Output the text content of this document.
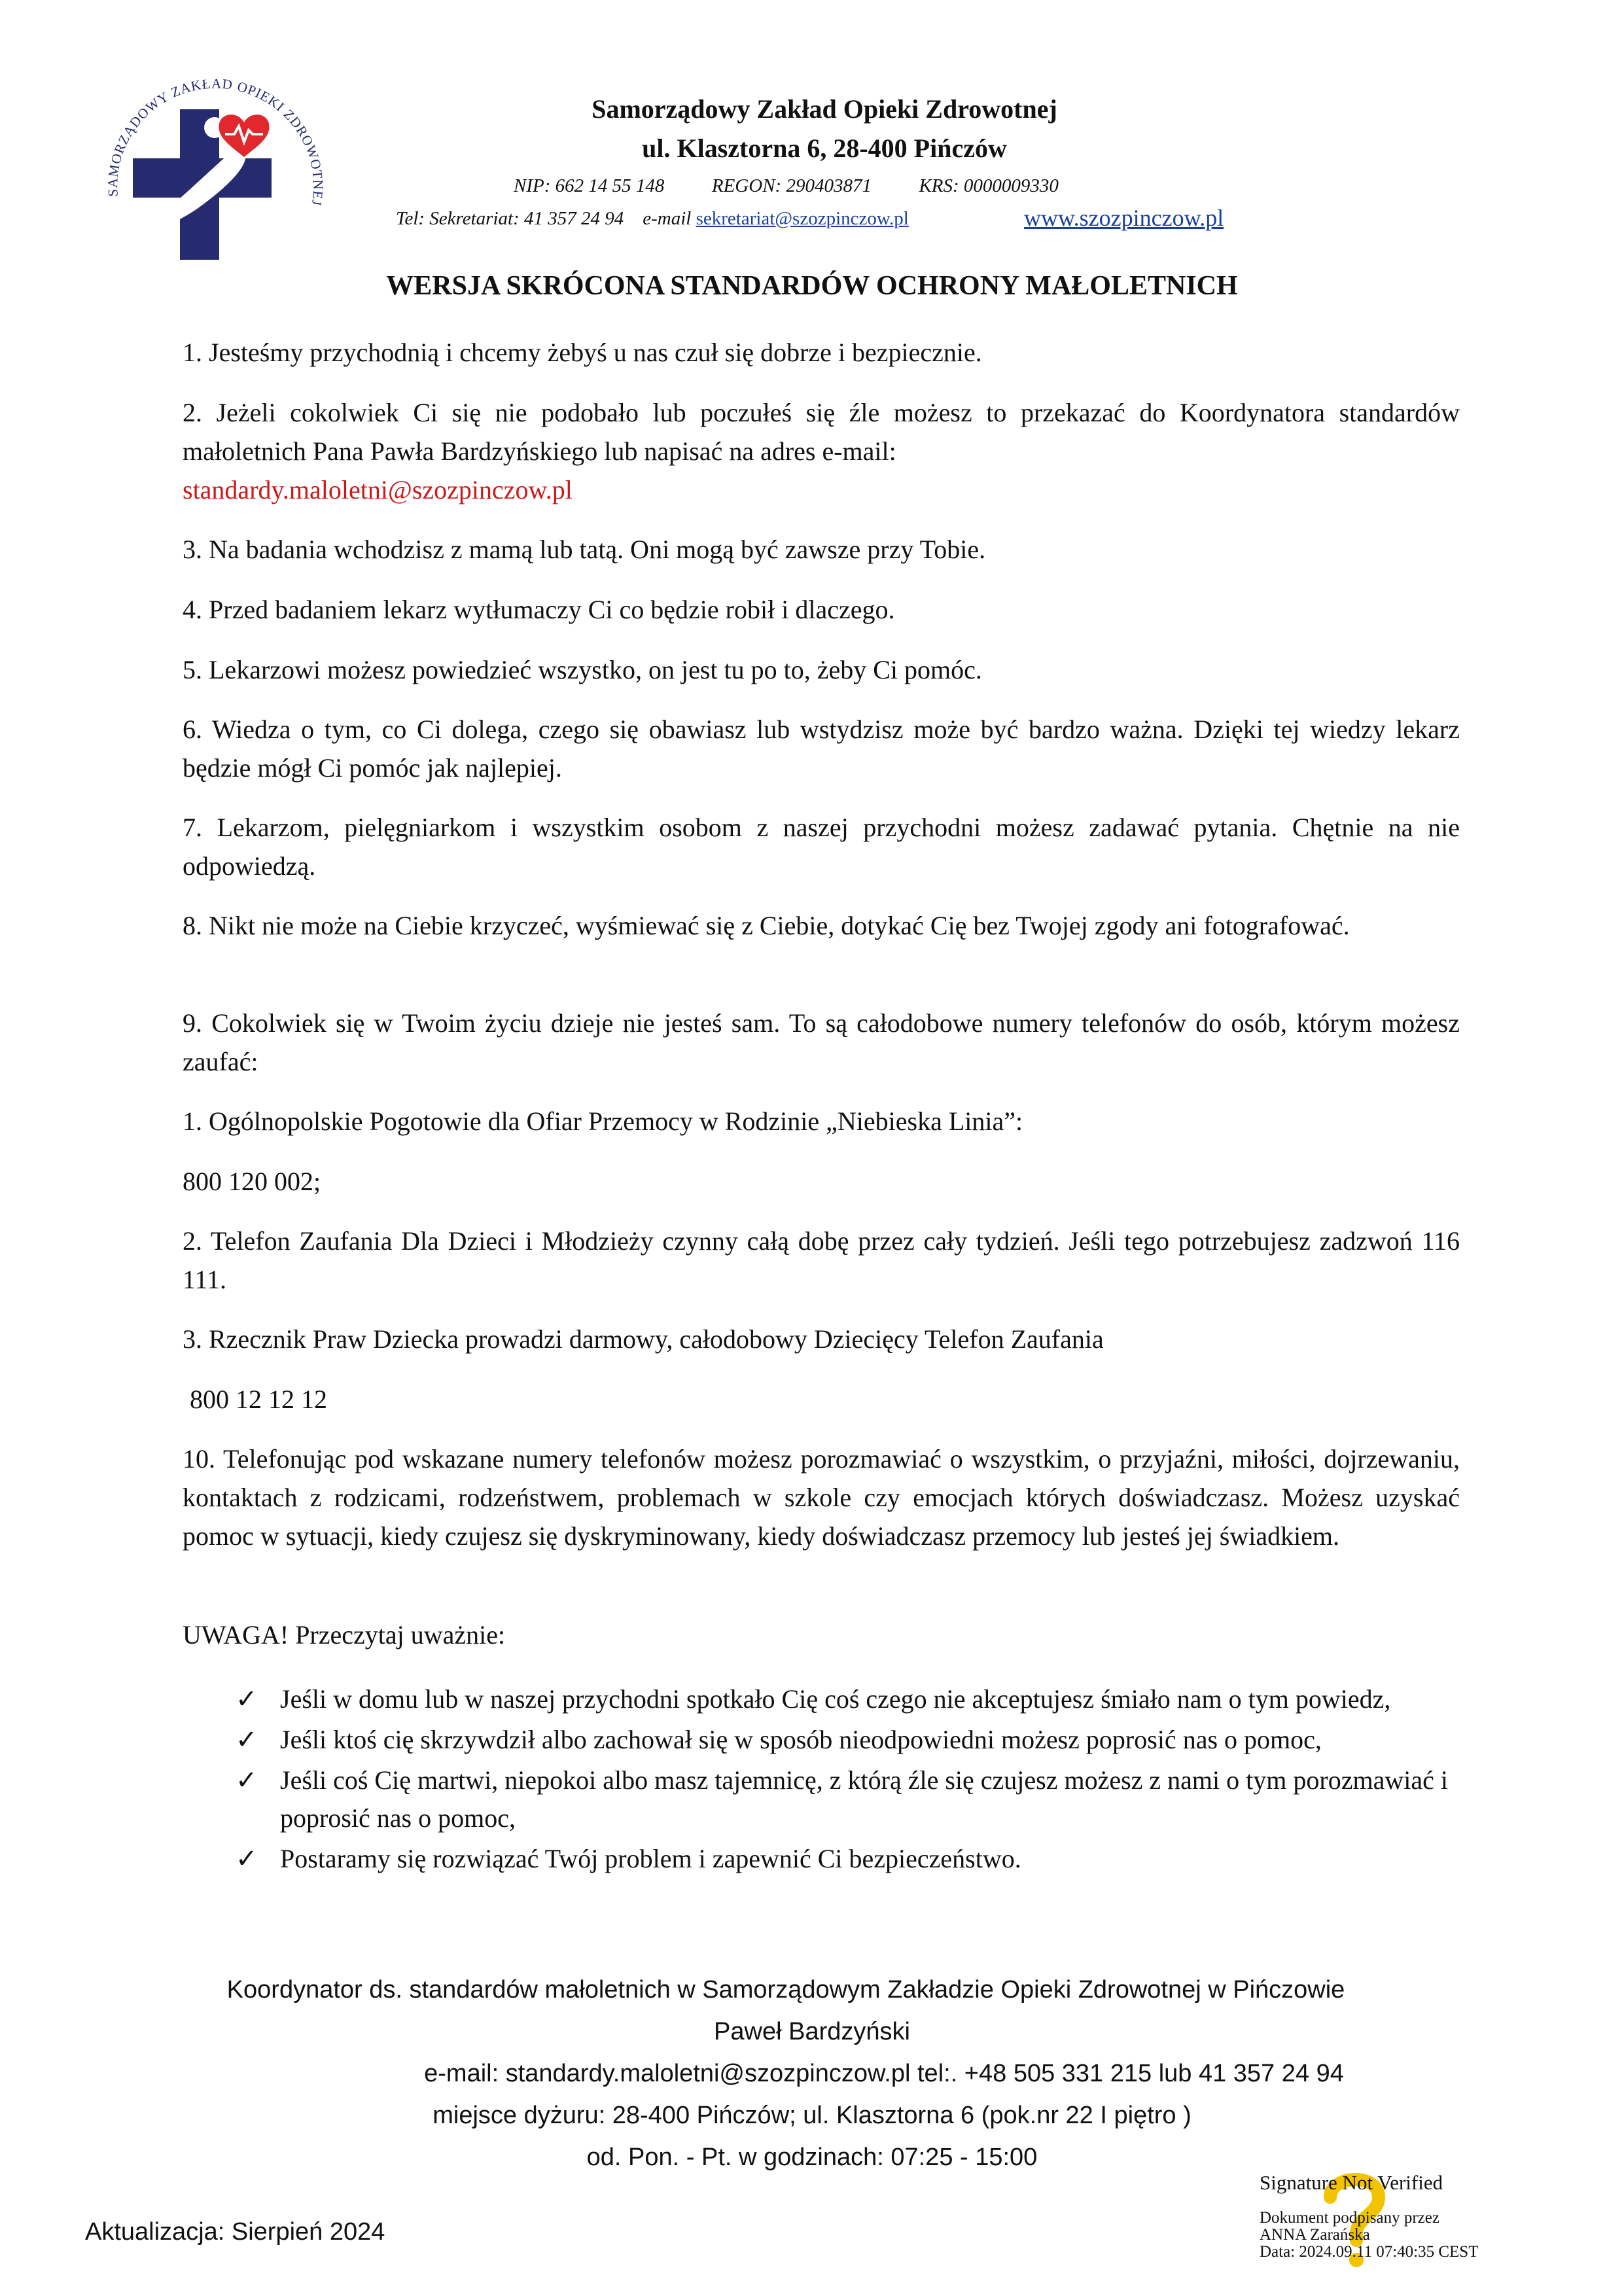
SAMORZĄDOWY ZAKŁAD OPIEKI ZDROWOTNEJ
Samorządowy Zakład Opieki Zdrowotnej
ul. Klasztorna 6, 28-400 Pińczów
NIP: 662 14 55 148	REGON: 290403871	KRS: 0000009330
Tel: Sekretariat: 41 357 24 94 e-mail sekretariat@szozpinczow.pl	www.szozpinczow.pl
WERSJA SKRÓCONA STANDARDÓW OCHRONY MAŁOLETNICH

1. Jesteśmy przychodnią i chcemy żebyś u nas czuł się dobrze i bezpiecznie.

2. Jeżeli cokolwiek Ci się nie podobało lub poczułeś się źle możesz to przekazać do Koordynatora standardów małoletnich Pana Pawła Bardzyńskiego lub napisać na adres e-mail:
standardy.maloletni@szozpinczow.pl

3. Na badania wchodzisz z mamą lub tatą. Oni mogą być zawsze przy Tobie.

4. Przed badaniem lekarz wytłumaczy Ci co będzie robił i dlaczego.

5. Lekarzowi możesz powiedzieć wszystko, on jest tu po to, żeby Ci pomóc.

6. Wiedza o tym, co Ci dolega, czego się obawiasz lub wstydzisz może być bardzo ważna. Dzięki tej wiedzy lekarz będzie mógł Ci pomóc jak najlepiej.

7. Lekarzom, pielęgniarkom i wszystkim osobom z naszej przychodni możesz zadawać pytania. Chętnie na nie odpowiedzą.

8. Nikt nie może na Ciebie krzyczeć, wyśmiewać się z Ciebie, dotykać Cię bez Twojej zgody ani fotografować.

9. Cokolwiek się w Twoim życiu dzieje nie jesteś sam. To są całodobowe numery telefonów do osób, którym możesz zaufać:

1. Ogólnopolskie Pogotowie dla Ofiar Przemocy w Rodzinie „Niebieska Linia”:

800 120 002;

2. Telefon Zaufania Dla Dzieci i Młodzieży czynny całą dobę przez cały tydzień. Jeśli tego potrzebujesz zadzwoń 116 111.

3. Rzecznik Praw Dziecka prowadzi darmowy, całodobowy Dziecięcy Telefon Zaufania

800 12 12 12

10. Telefonując pod wskazane numery telefonów możesz porozmawiać o wszystkim, o przyjaźni, miłości, dojrzewaniu, kontaktach z rodzicami, rodzeństwem, problemach w szkole czy emocjach których doświadczasz. Możesz uzyskać pomoc w sytuacji, kiedy czujesz się dyskryminowany, kiedy doświadczasz przemocy lub jesteś jej świadkiem.

UWAGA! Przeczytaj uważnie:

✓ Jeśli w domu lub w naszej przychodni spotkało Cię coś czego nie akceptujesz śmiało nam o tym powiedz,
✓ Jeśli ktoś cię skrzywdził albo zachował się w sposób nieodpowiedni możesz poprosić nas o pomoc,
✓ Jeśli coś Cię martwi, niepokoi albo masz tajemnicę, z którą źle się czujesz możesz z nami o tym porozmawiać i poprosić nas o pomoc,
✓ Postaramy się rozwiązać Twój problem i zapewnić Ci bezpieczeństwo.
Koordynator ds. standardów małoletnich w Samorządowym Zakładzie Opieki Zdrowotnej w Pińczowie
Paweł Bardzyński
e-mail: standardy.maloletni@szozpinczow.pl tel:. +48 505 331 215 lub 41 357 24 94
miejsce dyżuru: 28-400 Pińczów; ul. Klasztorna 6 (pok.nr 22 I piętro )
od. Pon. - Pt. w godzinach: 07:25 - 15:00
Aktualizacja: Sierpień 2024
Signature Not Verified
Dokument podpisany przez
ANNA Zarańska
Data: 2024.09.11 07:40:35 CEST
